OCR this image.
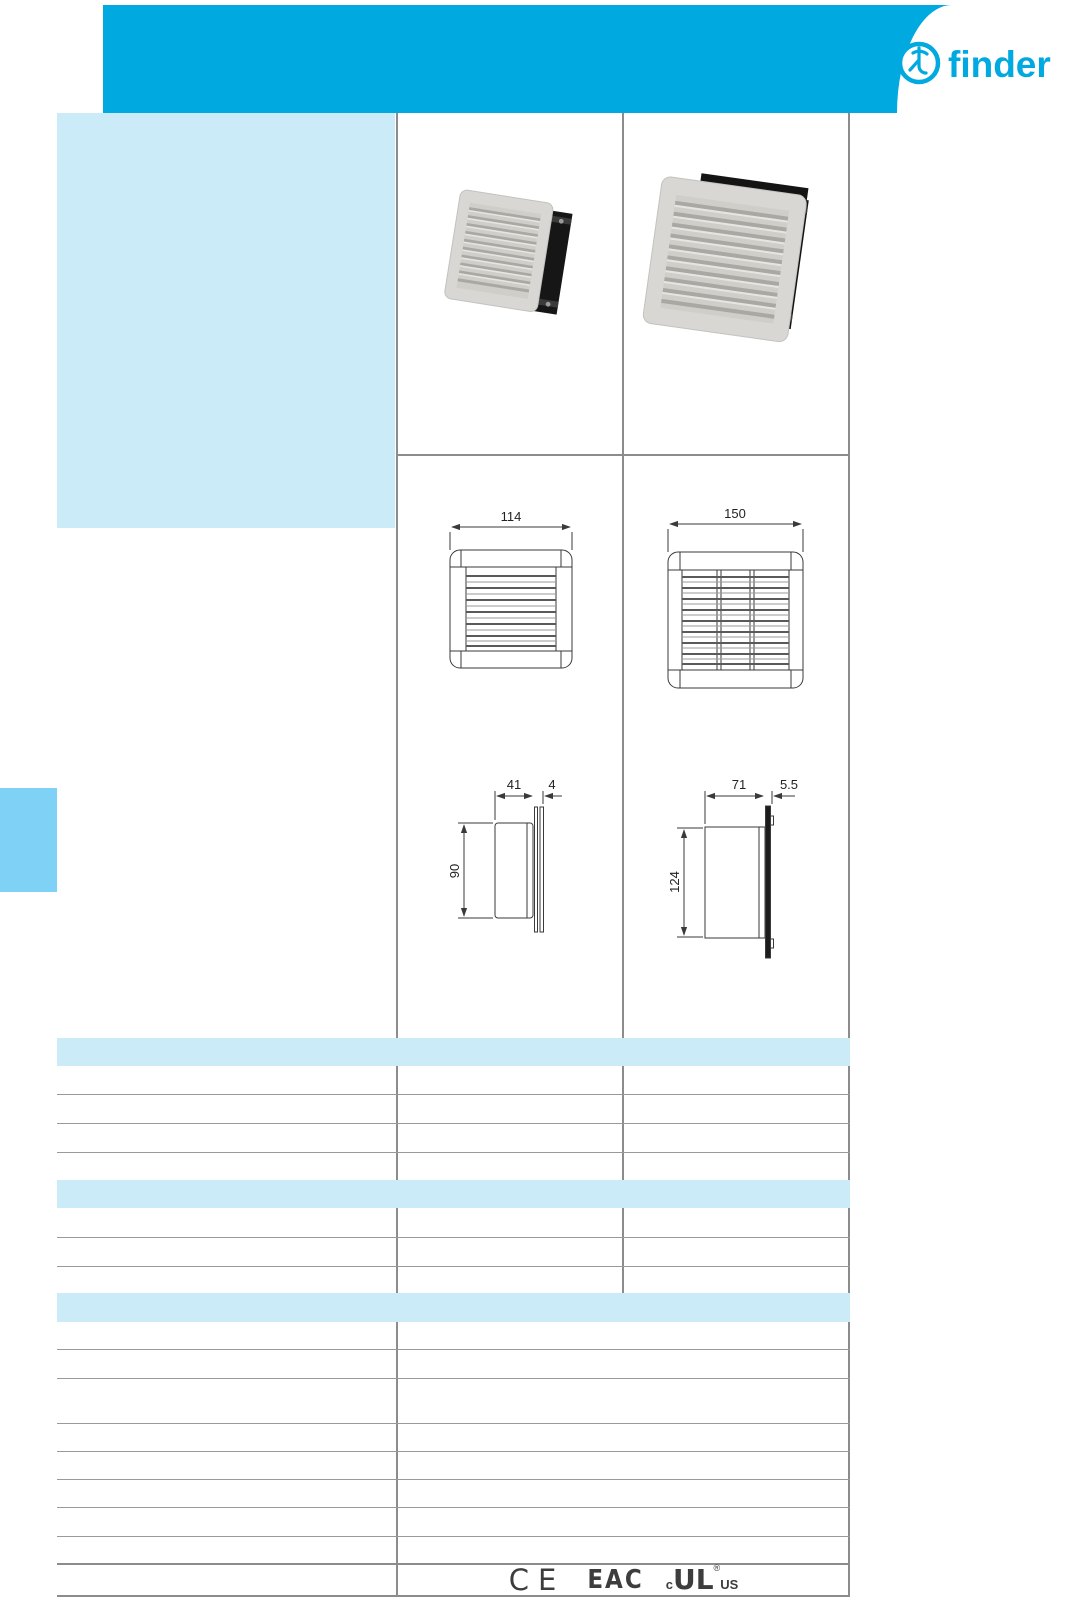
finder
114	150
41 4
90
71	5.5
124
CE EAC c UL ®
US
